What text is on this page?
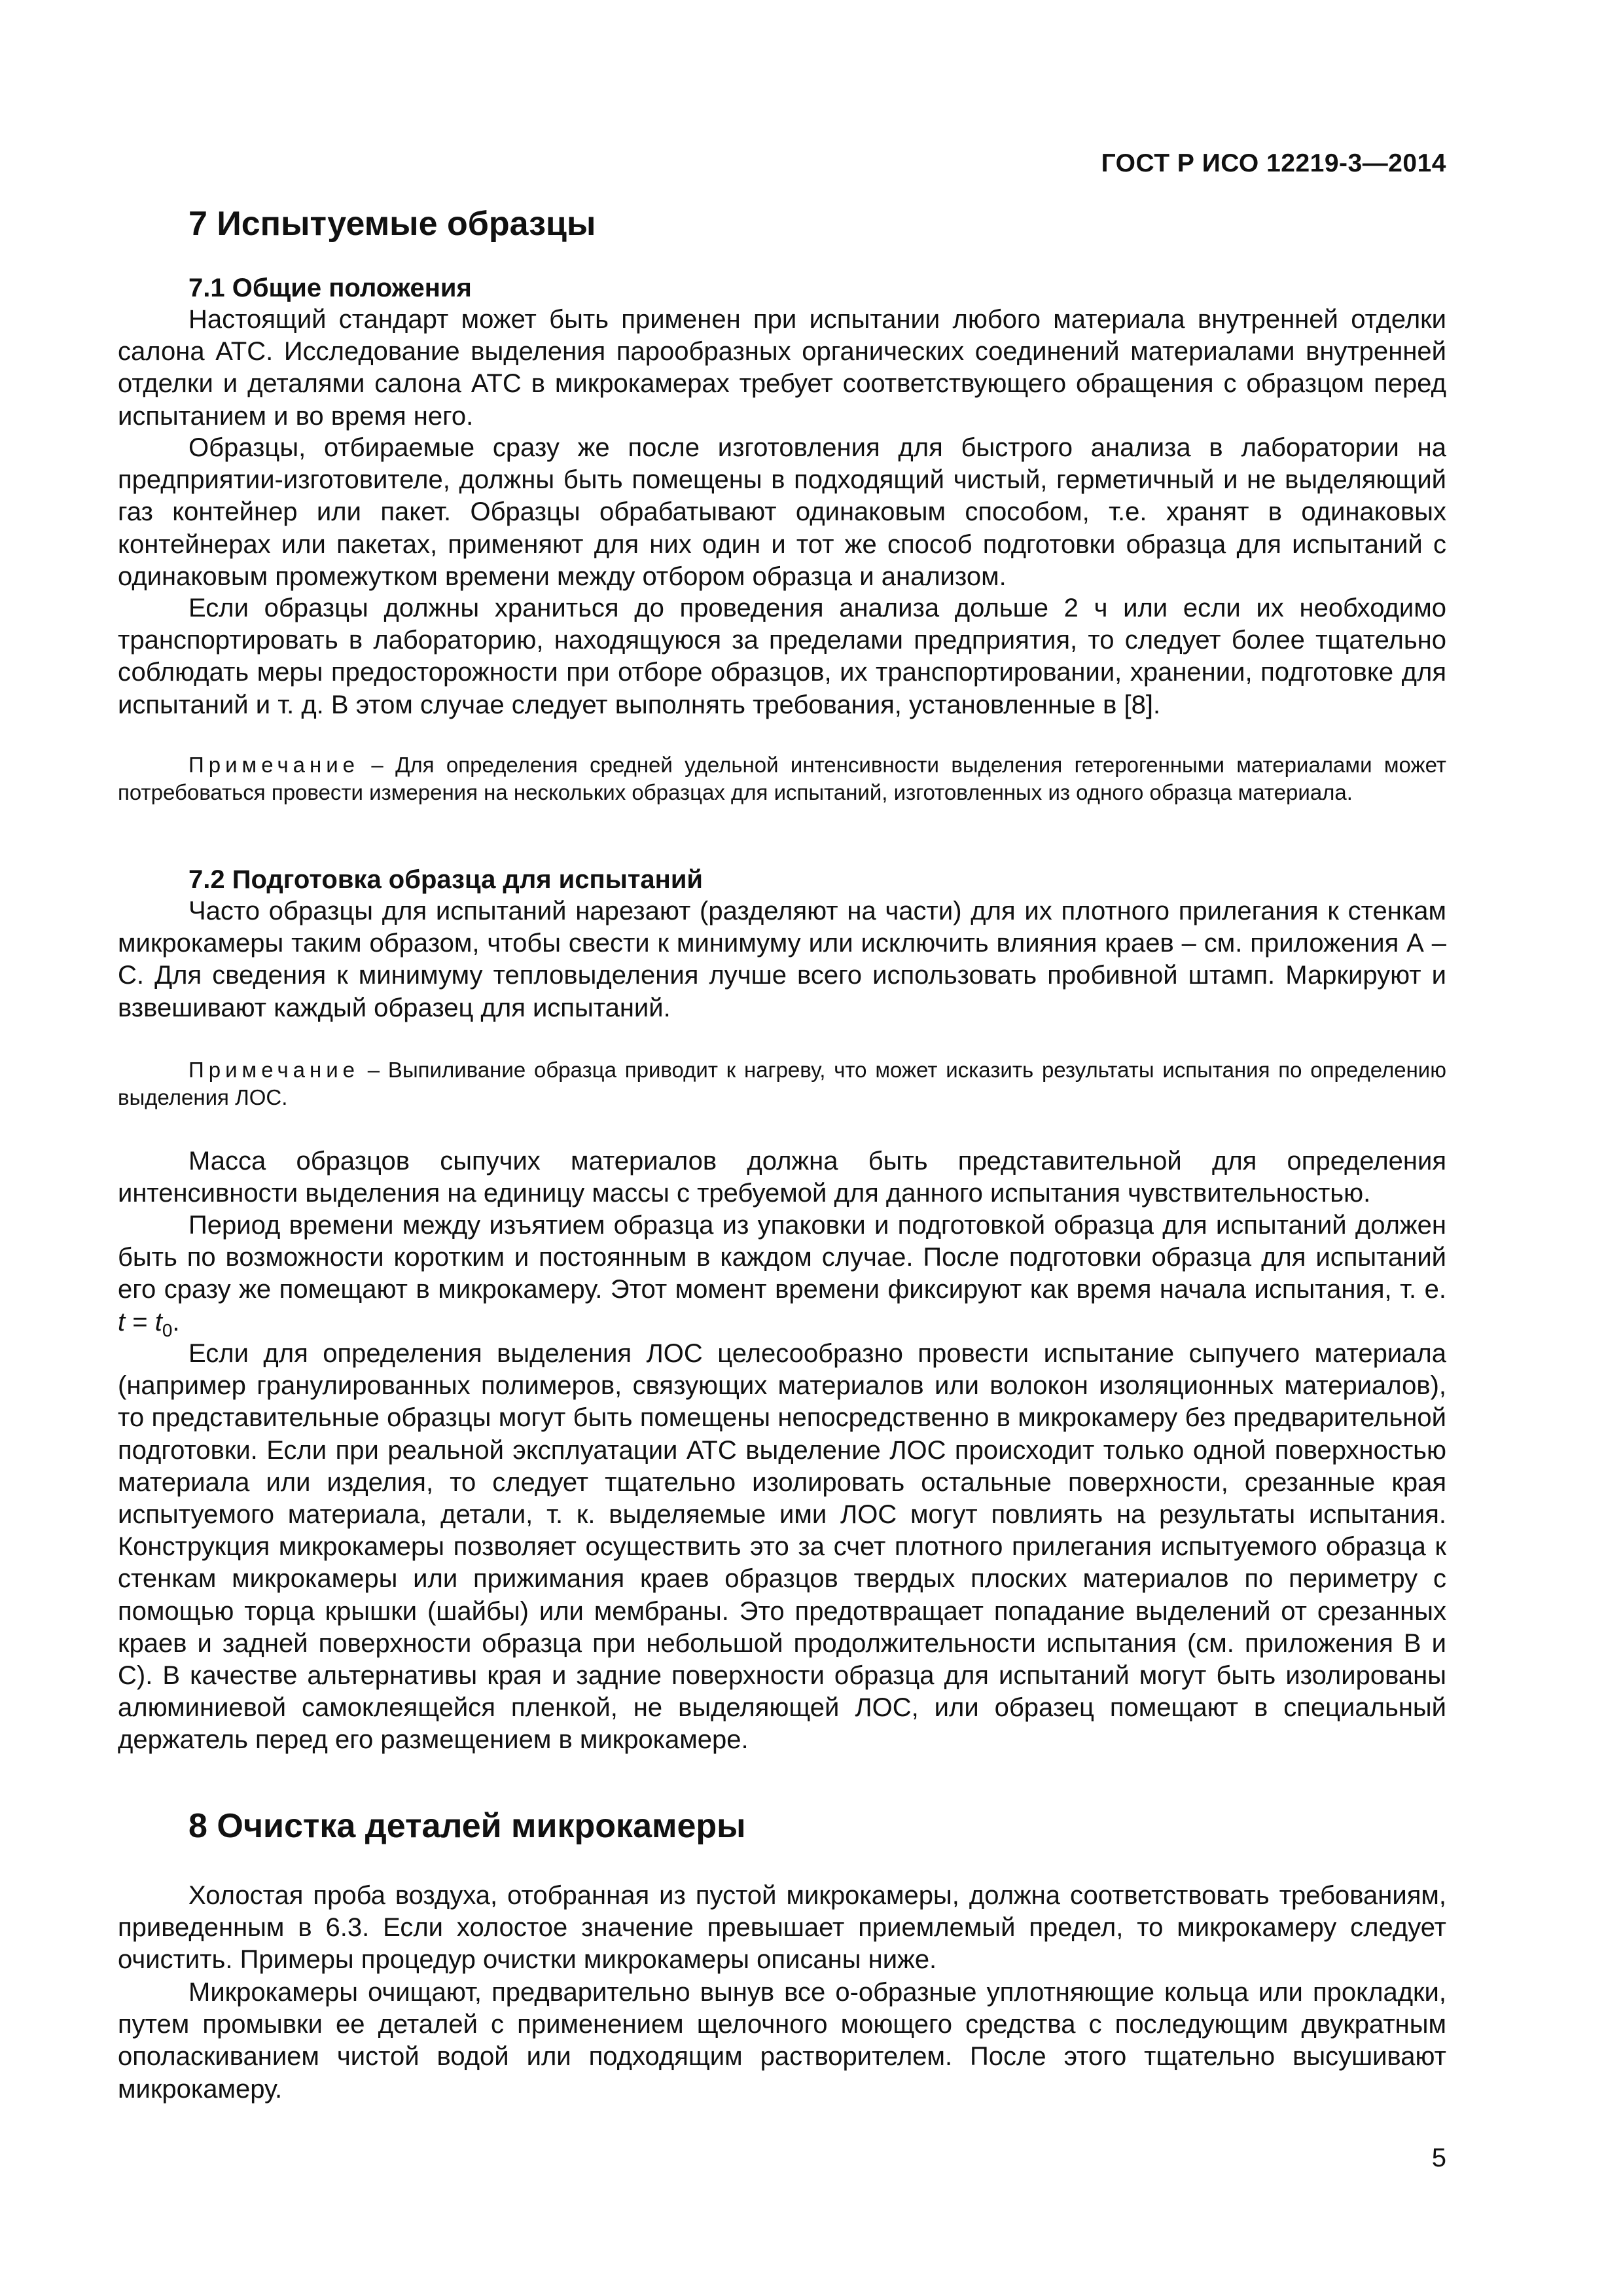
ГОСТ Р ИСО 12219-3—2014
7 Испытуемые образцы
7.1 Общие положения

Настоящий стандарт может быть применен при испытании любого материала внутренней отделки салона АТС. Исследование выделения парообразных органических соединений материалами внутренней отделки и деталями салона АТС в микрокамерах требует соответствующего обращения с образцом перед испытанием и во время него.

Образцы, отбираемые сразу же после изготовления для быстрого анализа в лаборатории на предприятии-изготовителе, должны быть помещены в подходящий чистый, герметичный и не выделяющий газ контейнер или пакет. Образцы обрабатывают одинаковым способом, т.е. хранят в одинаковых контейнерах или пакетах, применяют для них один и тот же способ подготовки образца для испытаний с одинаковым промежутком времени между отбором образца и анализом.

Если образцы должны храниться до проведения анализа дольше 2 ч или если их необходимо транспортировать в лабораторию, находящуюся за пределами предприятия, то следует более тщательно соблюдать меры предосторожности при отборе образцов, их транспортировании, хранении, подготовке для испытаний и т. д. В этом случае следует выполнять требования, установленные в [8].

Примечание – Для определения средней удельной интенсивности выделения гетерогенными материалами может потребоваться провести измерения на нескольких образцах для испытаний, изготовленных из одного образца материала.

7.2 Подготовка образца для испытаний

Часто образцы для испытаний нарезают (разделяют на части) для их плотного прилегания к стенкам микрокамеры таким образом, чтобы свести к минимуму или исключить влияния краев – см. приложения А – С. Для сведения к минимуму тепловыделения лучше всего использовать пробивной штамп. Маркируют и взвешивают каждый образец для испытаний.

Примечание – Выпиливание образца приводит к нагреву, что может исказить результаты испытания по определению выделения ЛОС.

Масса образцов сыпучих материалов должна быть представительной для определения интенсивности выделения на единицу массы с требуемой для данного испытания чувствительностью.

Период времени между изъятием образца из упаковки и подготовкой образца для испытаний должен быть по возможности коротким и постоянным в каждом случае. После подготовки образца для испытаний его сразу же помещают в микрокамеру. Этот момент времени фиксируют как время начала испытания, т. е. $t = t_0$.

Если для определения выделения ЛОС целесообразно провести испытание сыпучего материала (например гранулированных полимеров, связующих материалов или волокон изоляционных материалов), то представительные образцы могут быть помещены непосредственно в микрокамеру без предварительной подготовки. Если при реальной эксплуатации АТС выделение ЛОС происходит только одной поверхностью материала или изделия, то следует тщательно изолировать остальные поверхности, срезанные края испытуемого материала, детали, т. к. выделяемые ими ЛОС могут повлиять на результаты испытания. Конструкция микрокамеры позволяет осуществить это за счет плотного прилегания испытуемого образца к стенкам микрокамеры или прижимания краев образцов твердых плоских материалов по периметру с помощью торца крышки (шайбы) или мембраны. Это предотвращает попадание выделений от срезанных краев и задней поверхности образца при небольшой продолжительности испытания (см. приложения В и С). В качестве альтернативы края и задние поверхности образца для испытаний могут быть изолированы алюминиевой самоклеящейся пленкой, не выделяющей ЛОС, или образец помещают в специальный держатель перед его размещением в микрокамере.

8 Очистка деталей микрокамеры

Холостая проба воздуха, отобранная из пустой микрокамеры, должна соответствовать требованиям, приведенным в 6.3. Если холостое значение превышает приемлемый предел, то микрокамеру следует очистить. Примеры процедур очистки микрокамеры описаны ниже.

Микрокамеры очищают, предварительно вынув все о-образные уплотняющие кольца или прокладки, путем промывки ее деталей с применением щелочного моющего средства с последующим двукратным ополаскиванием чистой водой или подходящим растворителем. После этого тщательно высушивают микрокамеру.

5
